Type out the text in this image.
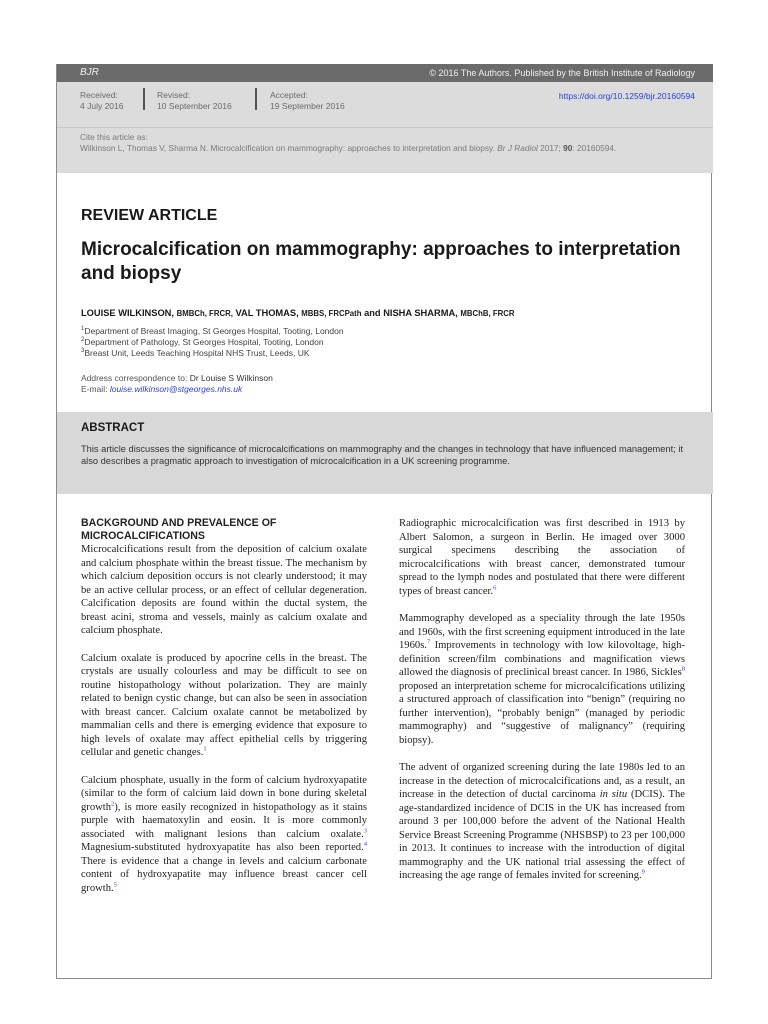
BJR	© 2016 The Authors. Published by the British Institute of Radiology
Received:
4 July 2016
Revised:
10 September 2016
Accepted:
19 September 2016
https://doi.org/10.1259/bjr.20160594
Cite this article as:
Wilkinson L, Thomas V, Sharma N. Microcalcification on mammography: approaches to interpretation and biopsy. Br J Radiol 2017; 90: 20160594.
REVIEW ARTICLE
Microcalcification on mammography: approaches to interpretation and biopsy
LOUISE WILKINSON, BMBCh, FRCR, VAL THOMAS, MBBS, FRCPath and NISHA SHARMA, MBChB, FRCR
$^1$Department of Breast Imaging, St Georges Hospital, Tooting, London
$^2$Department of Pathology, St Georges Hospital, Tooting, London
$^3$Breast Unit, Leeds Teaching Hospital NHS Trust, Leeds, UK
Address correspondence to: Dr Louise S Wilkinson
E-mail: louise.wilkinson@stgeorges.nhs.uk
ABSTRACT
This article discusses the significance of microcalcifications on mammography and the changes in technology that have influenced management; it also describes a pragmatic approach to investigation of microcalcification in a UK screening programme.

BACKGROUND AND PREVALENCE OF MICROCALCIFICATIONS

Microcalcifications result from the deposition of calcium oxalate and calcium phosphate within the breast tissue. The mechanism by which calcium deposition occurs is not clearly understood; it may be an active cellular process, or an effect of cellular degeneration. Calcification deposits are found within the ductal system, the breast acini, stroma and vessels, mainly as calcium oxalate and calcium phosphate.

Calcium oxalate is produced by apocrine cells in the breast. The crystals are usually colourless and may be difficult to see on routine histopathology without polarization. They are mainly related to benign cystic change, but can also be seen in association with breast cancer. Calcium oxalate cannot be metabolized by mammalian cells and there is emerging evidence that exposure to high levels of oxalate may affect epithelial cells by triggering cellular and genetic changes.$^1$

Calcium phosphate, usually in the form of calcium hydroxyapatite (similar to the form of calcium laid down in bone during skeletal growth$^2$), is more easily recognized in histopathology as it stains purple with haematoxylin and eosin. It is more commonly associated with malignant lesions than calcium oxalate.$^3$ Magnesium-substituted hydroxyapatite has also been reported.$^4$ There is evidence that a change in levels and calcium carbonate content of hydroxyapatite may influence breast cancer cell growth.$^5$

Radiographic microcalcification was first described in 1913 by Albert Salomon, a surgeon in Berlin. He imaged over 3000 surgical specimens describing the association of microcalcifications with breast cancer, demonstrated tumour spread to the lymph nodes and postulated that there were different types of breast cancer.$^6$

Mammography developed as a speciality through the late 1950s and 1960s, with the first screening equipment introduced in the late 1960s.$^7$ Improvements in technology with low kilovoltage, high-definition screen/film combinations and magnification views allowed the diagnosis of preclinical breast cancer. In 1986, Sickles$^8$ proposed an interpretation scheme for microcalcifications utilizing a structured approach of classification into “benign” (requiring no further intervention), “probably benign” (managed by periodic mammography) and “suggestive of malignancy” (requiring biopsy).

The advent of organized screening during the late 1980s led to an increase in the detection of microcalcifications and, as a result, an increase in the detection of ductal carcinoma in situ (DCIS). The age-standardized incidence of DCIS in the UK has increased from around 3 per 100,000 before the advent of the National Health Service Breast Screening Programme (NHSBSP) to 23 per 100,000 in 2013. It continues to increase with the introduction of digital mammography and the UK national trial assessing the effect of increasing the age range of females invited for screening.$^9$
